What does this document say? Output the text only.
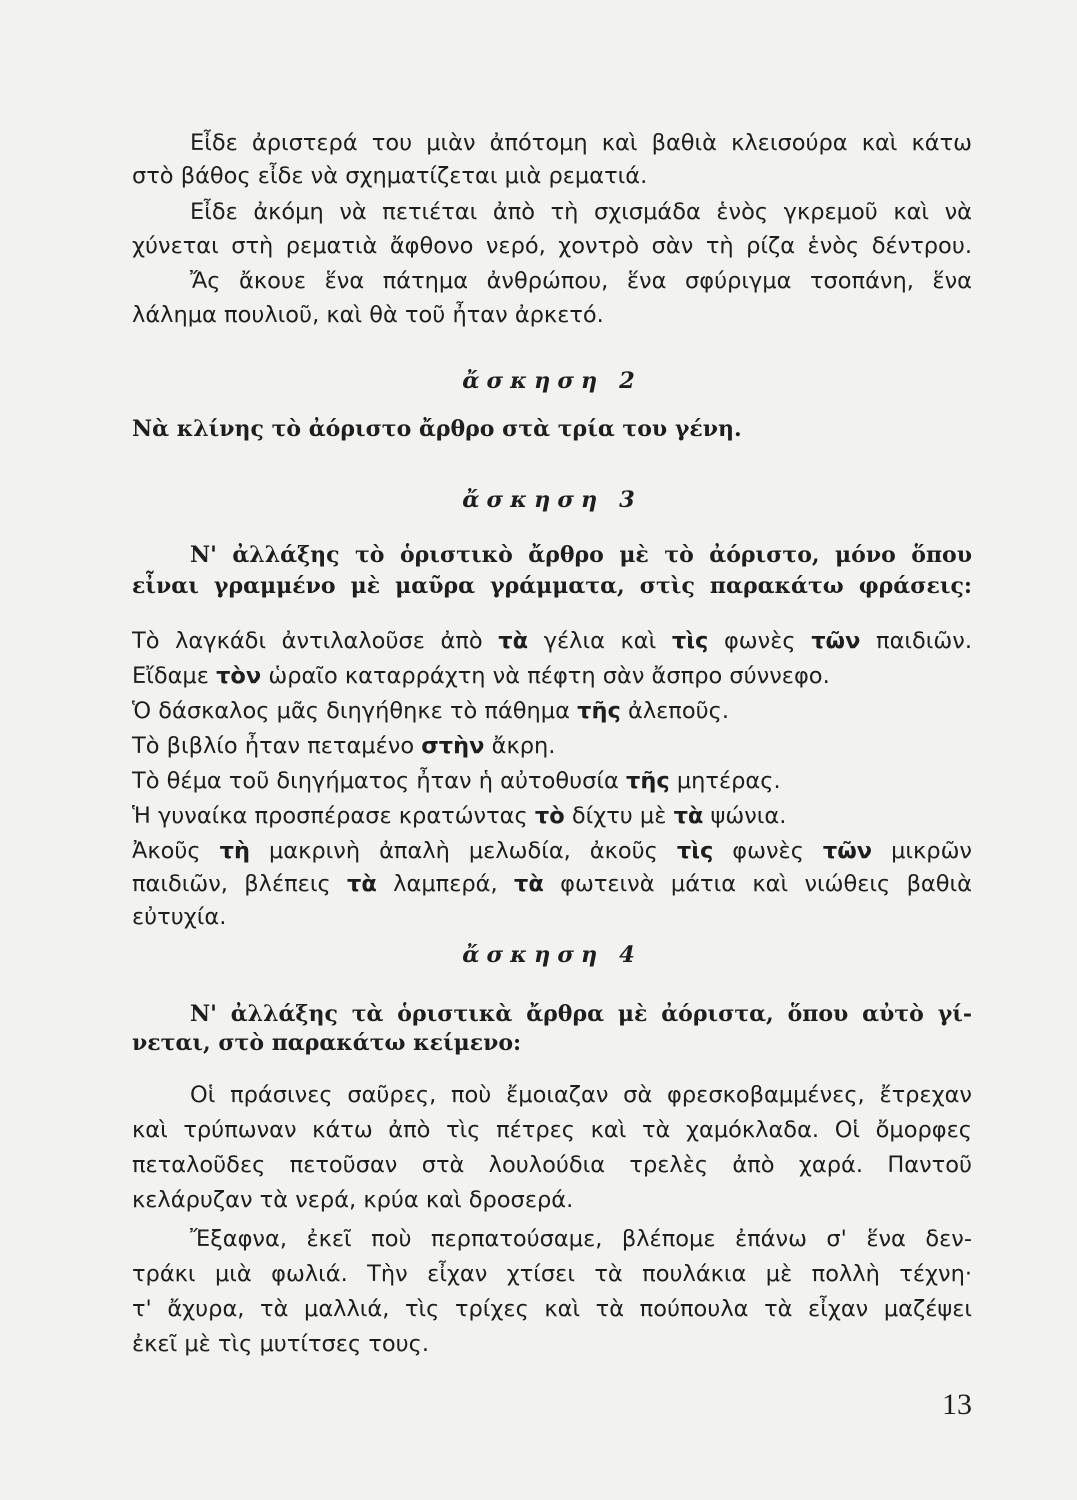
Εἶδε ἀριστερά του μιὰν ἀπότομη καὶ βαθιὰ κλεισούρα καὶ κάτω
στὸ βάθος εἶδε νὰ σχηματίζεται μιὰ ρεματιά.
Εἶδε ἀκόμη νὰ πετιέται ἀπὸ τὴ σχισμάδα ἑνὸς γκρεμοῦ καὶ νὰ
χύνεται στὴ ρεματιὰ ἄφθονο νερό, χοντρὸ σὰν τὴ ρίζα ἑνὸς δέντρου.
Ἄς ἄκουε ἕνα πάτημα ἀνθρώπου, ἕνα σφύριγμα τσοπάνη, ἕνα
λάλημα πουλιοῦ, καὶ θὰ τοῦ ἦταν ἀρκετό.
ἄσκηση 2
Νὰ κλίνης τὸ ἀόριστο ἄρθρο στὰ τρία του γένη.
ἄσκηση 3
Ν' ἀλλάξης τὸ ὁριστικὸ ἄρθρο μὲ τὸ ἀόριστο, μόνο ὅπου
εἶναι γραμμένο μὲ μαῦρα γράμματα, στὶς παρακάτω φράσεις:
Τὸ λαγκάδι ἀντιλαλοῦσε ἀπὸ τὰ γέλια καὶ τὶς φωνὲς τῶν παιδιῶν.
Εἴδαμε τὸν ὡραῖο καταρράχτη νὰ πέφτη σὰν ἄσπρο σύννεφο.
Ὁ δάσκαλος μᾶς διηγήθηκε τὸ πάθημα τῆς ἀλεποῦς.
Τὸ βιβλίο ἦταν πεταμένο στὴν ἄκρη.
Τὸ θέμα τοῦ διηγήματος ἦταν ἡ αὐτοθυσία τῆς μητέρας.
Ἡ γυναίκα προσπέρασε κρατώντας τὸ δίχτυ μὲ τὰ ψώνια.
Ἀκοῦς τὴ μακρινὴ ἀπαλὴ μελωδία, ἀκοῦς τὶς φωνὲς τῶν μικρῶν
παιδιῶν, βλέπεις τὰ λαμπερά, τὰ φωτεινὰ μάτια καὶ νιώθεις βαθιὰ
εὐτυχία.
ἄσκηση 4
Ν' ἀλλάξης τὰ ὁριστικὰ ἄρθρα μὲ ἀόριστα, ὅπου αὐτὸ γί-
νεται, στὸ παρακάτω κείμενο:
Οἱ πράσινες σαῦρες, ποὺ ἔμοιαζαν σὰ φρεσκοβαμμένες, ἔτρεχαν
καὶ τρύπωναν κάτω ἀπὸ τὶς πέτρες καὶ τὰ χαμόκλαδα. Οἱ ὄμορφες
πεταλοῦδες πετοῦσαν στὰ λουλούδια τρελὲς ἀπὸ χαρά. Παντοῦ
κελάρυζαν τὰ νερά, κρύα καὶ δροσερά.
Ἔξαφνα, ἐκεῖ ποὺ περπατούσαμε, βλέπομε ἐπάνω σ' ἕνα δεν-
τράκι μιὰ φωλιά. Τὴν εἶχαν χτίσει τὰ πουλάκια μὲ πολλὴ τέχνη·
τ' ἄχυρα, τὰ μαλλιά, τὶς τρίχες καὶ τὰ πούπουλα τὰ εἶχαν μαζέψει
ἐκεῖ μὲ τὶς μυτίτσες τους.
13
